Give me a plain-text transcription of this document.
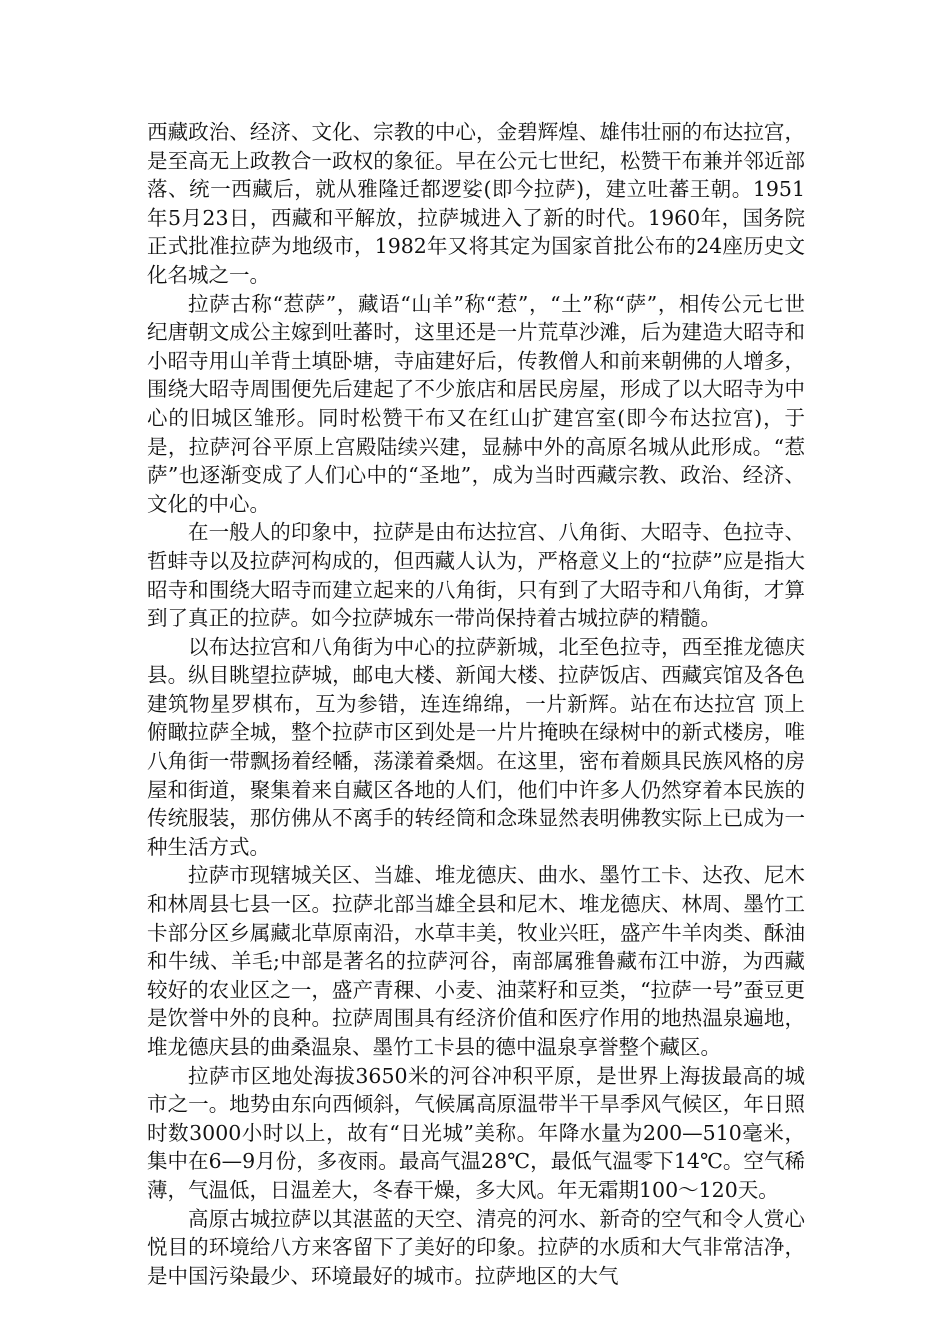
西藏政治、经济、文化、宗教的中心，金碧辉煌、雄伟壮丽的布达拉宫，是至高无上政教合一政权的象征。早在公元七世纪，松赞干布兼并邻近部落、统一西藏后，就从雅隆迁都逻娑(即今拉萨)，建立吐蕃王朝。1951年5月23日，西藏和平解放，拉萨城进入了新的时代。1960年，国务院正式批准拉萨为地级市，1982年又将其定为国家首批公布的24座历史文化名城之一。

拉萨古称“惹萨”，藏语“山羊”称“惹”，“土”称“萨”，相传公元七世纪唐朝文成公主嫁到吐蕃时，这里还是一片荒草沙滩，后为建造大昭寺和小昭寺用山羊背土填卧塘，寺庙建好后，传教僧人和前来朝佛的人增多，围绕大昭寺周围便先后建起了不少旅店和居民房屋，形成了以大昭寺为中心的旧城区雏形。同时松赞干布又在红山扩建宫室(即今布达拉宫)，于是，拉萨河谷平原上宫殿陆续兴建，显赫中外的高原名城从此形成。“惹萨”也逐渐变成了人们心中的“圣地”，成为当时西藏宗教、政治、经济、文化的中心。

在一般人的印象中，拉萨是由布达拉宫、八角街、大昭寺、色拉寺、哲蚌寺以及拉萨河构成的，但西藏人认为，严格意义上的“拉萨”应是指大昭寺和围绕大昭寺而建立起来的八角街，只有到了大昭寺和八角街，才算到了真正的拉萨。如今拉萨城东一带尚保持着古城拉萨的精髓。

以布达拉宫和八角街为中心的拉萨新城，北至色拉寺，西至推龙德庆县。纵目眺望拉萨城，邮电大楼、新闻大楼、拉萨饭店、西藏宾馆及各色建筑物星罗棋布，互为参错，连连绵绵，一片新辉。站在布达拉宫 顶上俯瞰拉萨全城，整个拉萨市区到处是一片片掩映在绿树中的新式楼房，唯八角街一带飘扬着经幡，荡漾着桑烟。在这里，密布着颇具民族风格的房屋和街道，聚集着来自藏区各地的人们，他们中许多人仍然穿着本民族的传统服装，那仿佛从不离手的转经筒和念珠显然表明佛教实际上已成为一种生活方式。

拉萨市现辖城关区、当雄、堆龙德庆、曲水、墨竹工卡、达孜、尼木和林周县七县一区。拉萨北部当雄全县和尼木、堆龙德庆、林周、墨竹工卡部分区乡属藏北草原南沿，水草丰美，牧业兴旺，盛产牛羊肉类、酥油和牛绒、羊毛;中部是著名的拉萨河谷，南部属雅鲁藏布江中游，为西藏较好的农业区之一，盛产青稞、小麦、油菜籽和豆类，“拉萨一号”蚕豆更是饮誉中外的良种。拉萨周围具有经济价值和医疗作用的地热温泉遍地，堆龙德庆县的曲桑温泉、墨竹工卡县的德中温泉享誉整个藏区。

拉萨市区地处海拔3650米的河谷冲积平原，是世界上海拔最高的城市之一。地势由东向西倾斜，气候属高原温带半干旱季风气候区，年日照时数3000小时以上，故有“日光城”美称。年降水量为200—510毫米，集中在6—9月份，多夜雨。最高气温28℃，最低气温零下14℃。空气稀薄，气温低，日温差大，冬春干燥，多大风。年无霜期100～120天。

高原古城拉萨以其湛蓝的天空、清亮的河水、新奇的空气和令人赏心悦目的环境给八方来客留下了美好的印象。拉萨的水质和大气非常洁净，是中国污染最少、环境最好的城市。拉萨地区的大气
